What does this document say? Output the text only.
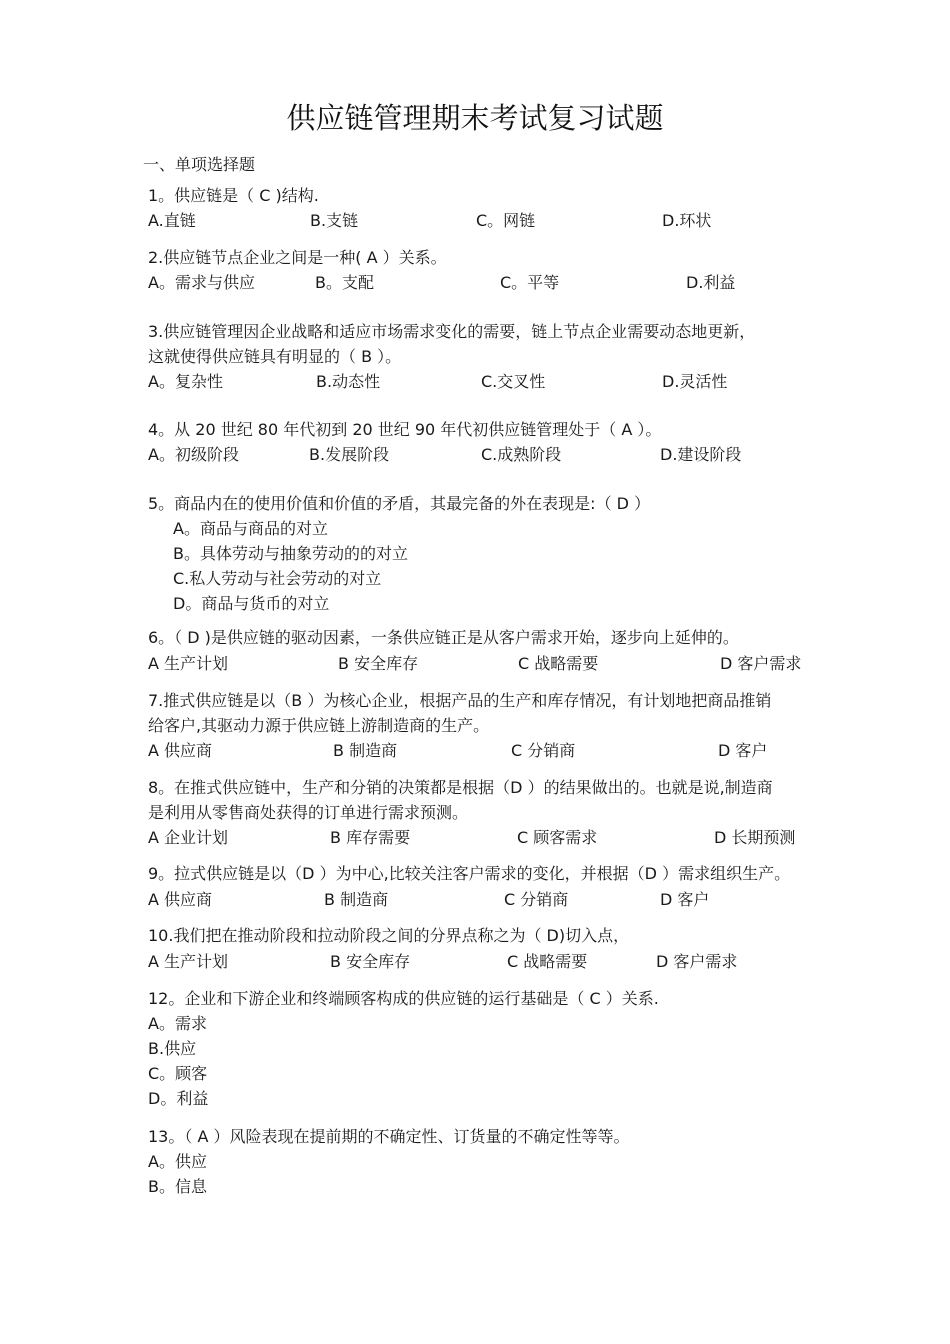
供应链管理期末考试复习试题
一、单项选择题
1。供应链是（ C )结构.
A.直链	B.支链	C。网链	D.环状
2.供应链节点企业之间是一种( A ）关系。
A。需求与供应	B。支配	C。平等	D.利益
3.供应链管理因企业战略和适应市场需求变化的需要，链上节点企业需要动态地更新，
这就使得供应链具有明显的（ B ）。
A。复杂性	B.动态性	C.交叉性	D.灵活性
4。从 20 世纪 80 年代初到 20 世纪 90 年代初供应链管理处于（ A ）。
A。初级阶段	B.发展阶段	C.成熟阶段	D.建设阶段
5。商品内在的使用价值和价值的矛盾，其最完备的外在表现是:（ D ）
A。商品与商品的对立
B。具体劳动与抽象劳动的的对立
C.私人劳动与社会劳动的对立
D。商品与货币的对立
6。（ D )是供应链的驱动因素，一条供应链正是从客户需求开始，逐步向上延伸的。
A 生产计划	B 安全库存	C 战略需要	D 客户需求
7.推式供应链是以（B ）为核心企业，根据产品的生产和库存情况，有计划地把商品推销
给客户,其驱动力源于供应链上游制造商的生产。
A 供应商	B 制造商	C 分销商	D 客户
8。在推式供应链中，生产和分销的决策都是根据（D ）的结果做出的。也就是说,制造商
是利用从零售商处获得的订单进行需求预测。
A 企业计划	B 库存需要	C 顾客需求	D 长期预测
9。拉式供应链是以（D ）为中心,比较关注客户需求的变化，并根据（D ）需求组织生产。
A 供应商	B 制造商	C 分销商	D 客户
10.我们把在推动阶段和拉动阶段之间的分界点称之为（ D)切入点，
A 生产计划	B 安全库存	C 战略需要	D 客户需求
12。企业和下游企业和终端顾客构成的供应链的运行基础是（ C ）关系.
A。需求
B.供应
C。顾客
D。利益
13。（ A ）风险表现在提前期的不确定性、订货量的不确定性等等。
A。供应
B。信息
